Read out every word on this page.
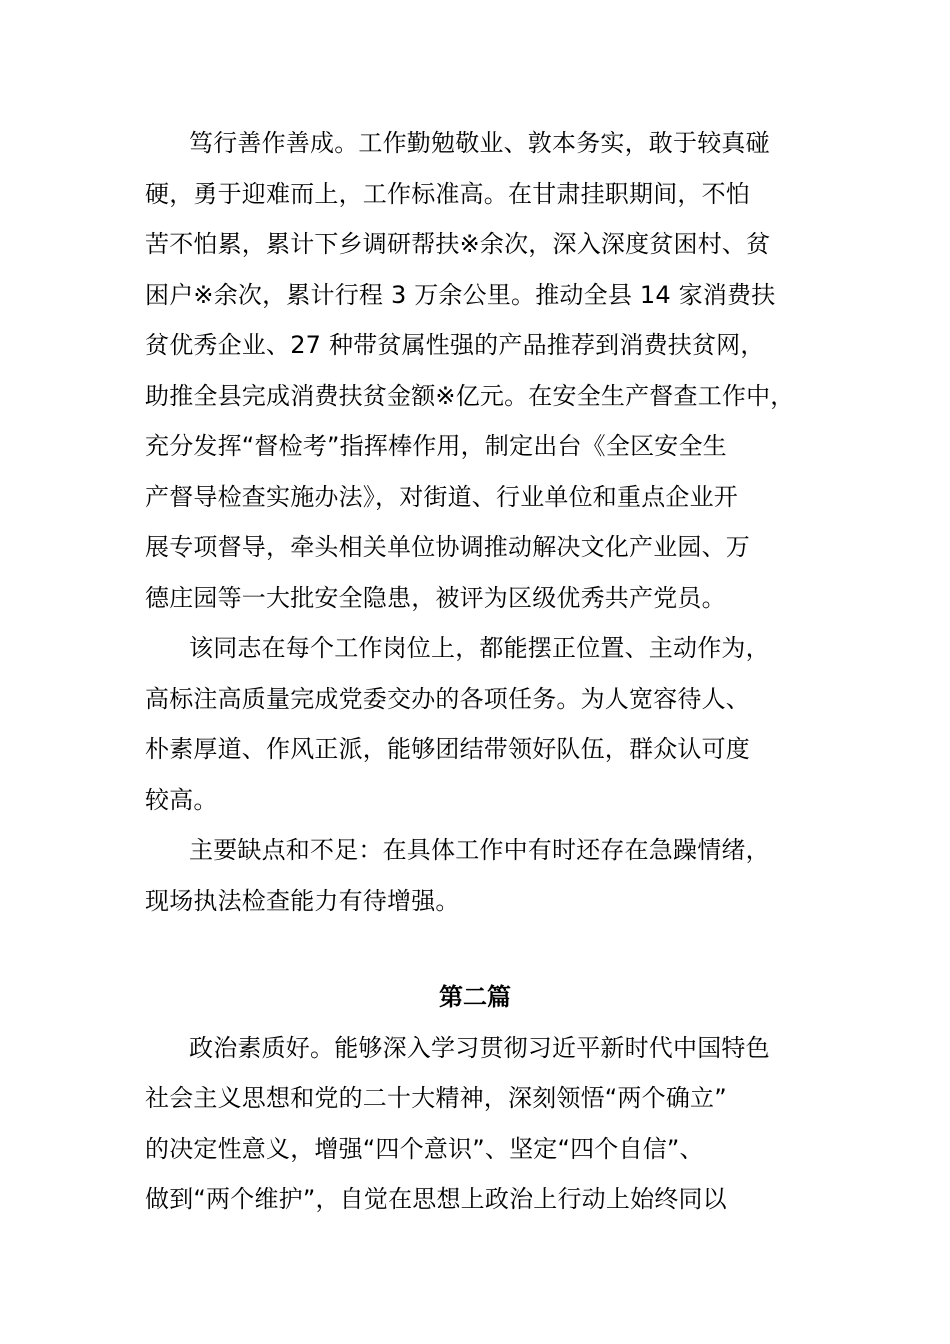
笃行善作善成。工作勤勉敬业、敦本务实，敢于较真碰
硬，勇于迎难而上，工作标准高。在甘肃挂职期间，不怕
苦不怕累，累计下乡调研帮扶※余次，深入深度贫困村、贫
困户※余次，累计行程 3 万余公里。推动全县 14 家消费扶
贫优秀企业、27 种带贫属性强的产品推荐到消费扶贫网，
助推全县完成消费扶贫金额※亿元。在安全生产督查工作中，
充分发挥“督检考”指挥棒作用，制定出台《全区安全生
产督导检查实施办法》，对街道、行业单位和重点企业开
展专项督导，牵头相关单位协调推动解决文化产业园、万
德庄园等一大批安全隐患，被评为区级优秀共产党员。
该同志在每个工作岗位上，都能摆正位置、主动作为，
高标注高质量完成党委交办的各项任务。为人宽容待人、
朴素厚道、作风正派，能够团结带领好队伍，群众认可度
较高。
主要缺点和不足：在具体工作中有时还存在急躁情绪，
现场执法检查能力有待增强。
第二篇
政治素质好。能够深入学习贯彻习近平新时代中国特色
社会主义思想和党的二十大精神，深刻领悟“两个确立”
的决定性意义，增强“四个意识”、坚定“四个自信”、
做到“两个维护”，自觉在思想上政治上行动上始终同以
